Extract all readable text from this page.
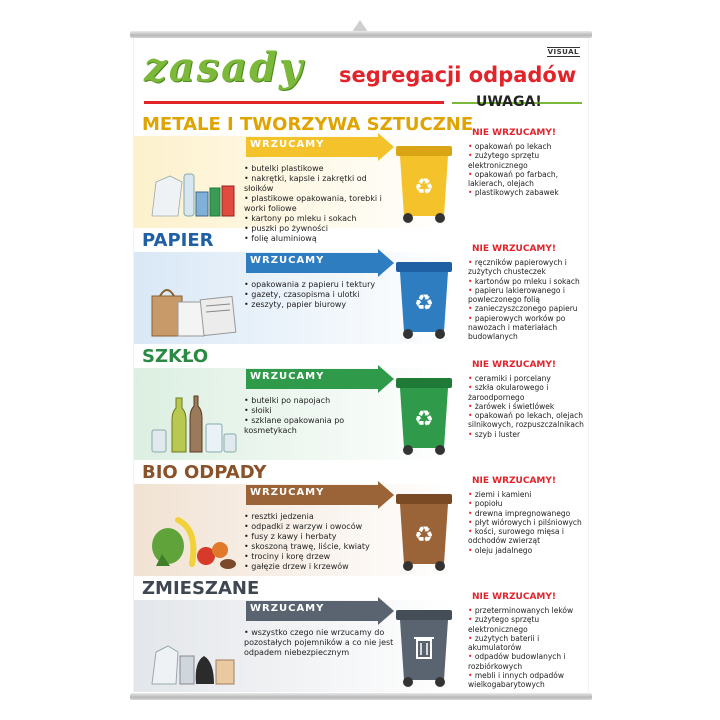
zasady segregacji odpadów
VISUAL
UWAGA!
METALE I TWORZYWA SZTUCZNE
WRZUCAMY
• butelki plastikowe
• nakrętki, kapsle i zakrętki od słoików
• plastikowe opakowania, torebki i worki foliowe
• kartony po mleku i sokach
• puszki po żywności
• folię aluminiową
♻
NIE WRZUCAMY!
• opakowań po lekach
• zużytego sprzętu elektronicznego
• opakowań po farbach, lakierach, olejach
• plastikowych zabawek
PAPIER
WRZUCAMY
• opakowania z papieru i tektury
• gazety, czasopisma i ulotki
• zeszyty, papier biurowy	♻
NIE WRZUCAMY!
• ręczników papierowych i zużytych chusteczek
• kartonów po mleku i sokach
• papieru lakierowanego i powleczonego folią
• zanieczyszczonego papieru
• papierowych worków po nawozach i materiałach budowlanych
SZKŁO
WRZUCAMY
• butelki po napojach
• słoiki
• szklane opakowania po kosmetykach	♻
NIE WRZUCAMY!
• ceramiki i porcelany
• szkła okularowego i żaroodpornego
• żarówek i świetlówek
• opakowań po lekach, olejach silnikowych, rozpuszczalnikach
• szyb i luster
BIO ODPADY
WRZUCAMY
• resztki jedzenia
• odpadki z warzyw i owoców
• fusy z kawy i herbaty
• skoszoną trawę, liście, kwiaty
• trociny i korę drzew
• gałęzie drzew i krzewów
♻
NIE WRZUCAMY!
• ziemi i kamieni
• popiołu
• drewna impregnowanego
• płyt wiórowych i pilśniowych
• kości, surowego mięsa i odchodów zwierząt
• oleju jadalnego
ZMIESZANE
WRZUCAMY
• wszystko czego nie wrzucamy do pozostałych pojemników a co nie jest odpadem niebezpiecznym
NIE WRZUCAMY!
• przeterminowanych leków
• zużytego sprzętu elektronicznego
• zużytych baterii i akumulatorów
• odpadów budowlanych i rozbiórkowych
• mebli i innych odpadów wielkogabarytowych
